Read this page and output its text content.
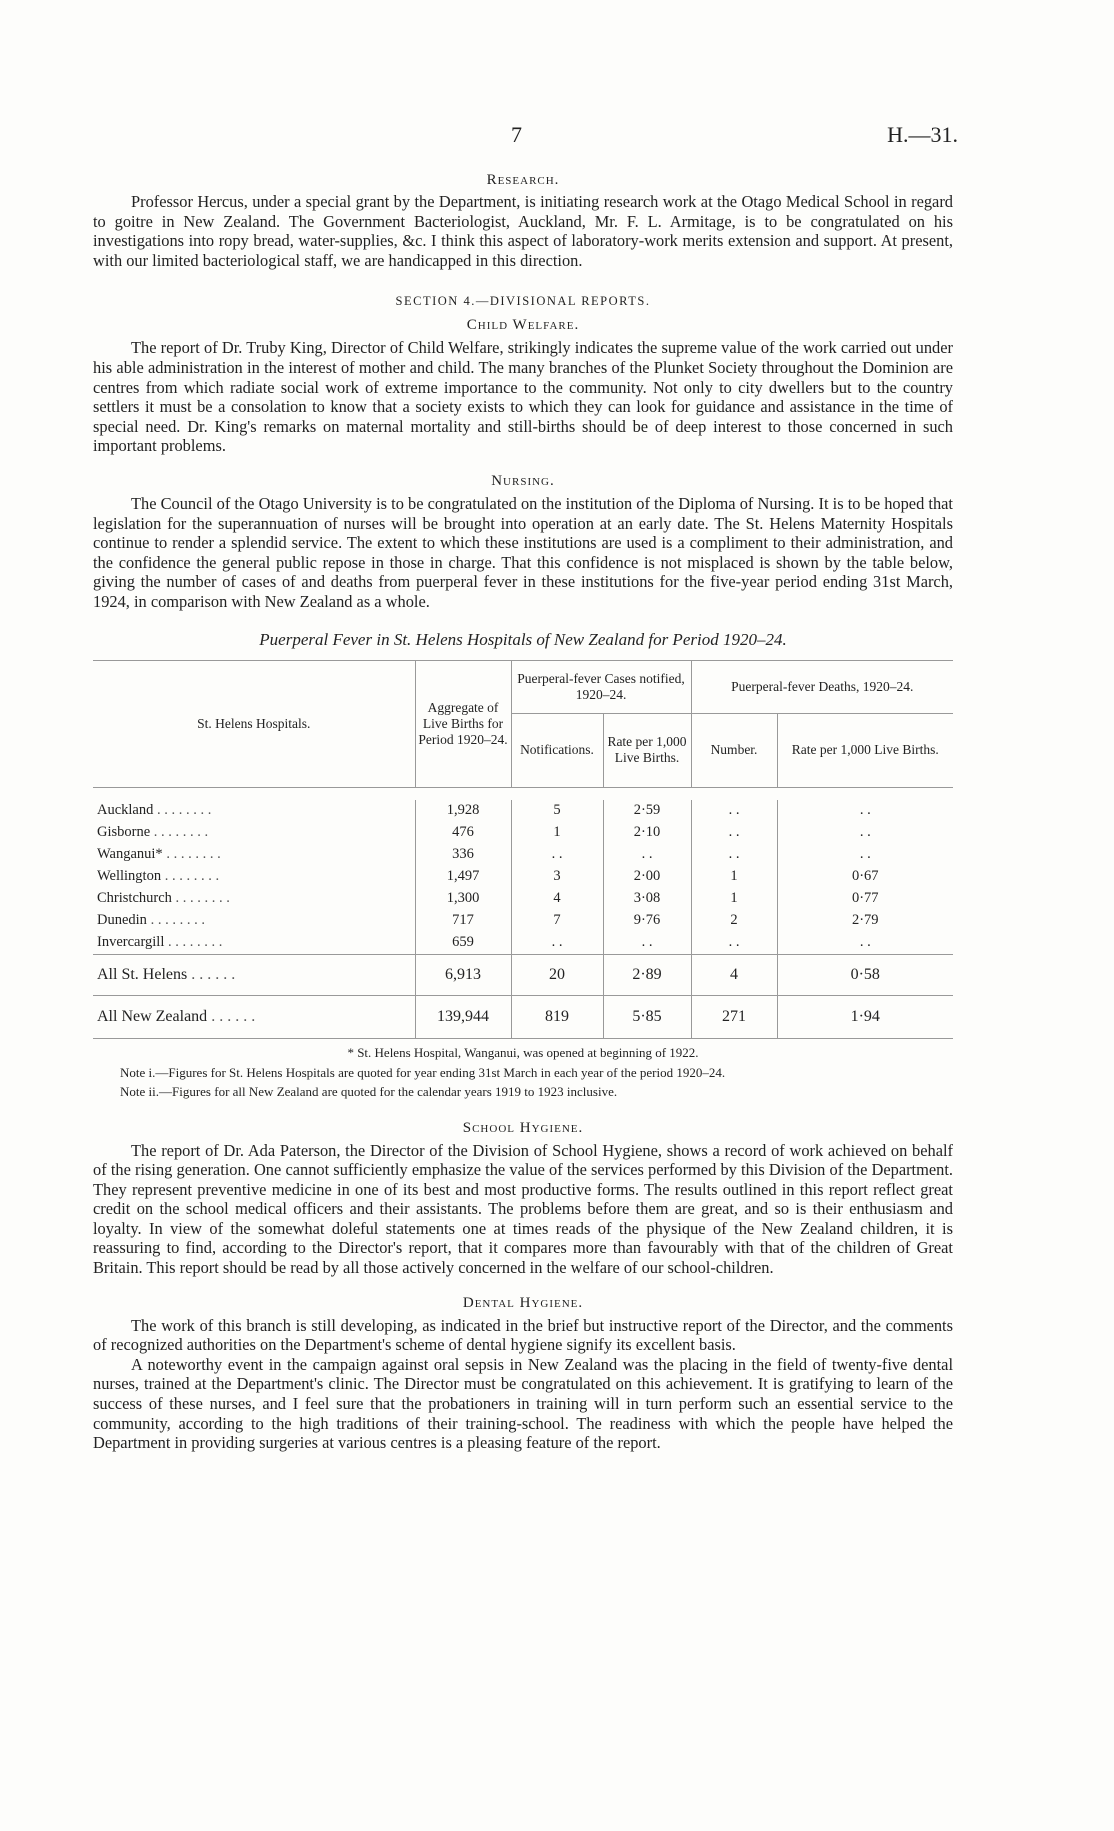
7	H.—31.
Research.

Professor Hercus, under a special grant by the Department, is initiating research work at the Otago Medical School in regard to goitre in New Zealand. The Government Bacteriologist, Auckland, Mr. F. L. Armitage, is to be congratulated on his investigations into ropy bread, water-supplies, &c. I think this aspect of laboratory-work merits extension and support. At present, with our limited bacteriological staff, we are handicapped in this direction.

SECTION 4.—DIVISIONAL REPORTS.
Child Welfare.

The report of Dr. Truby King, Director of Child Welfare, strikingly indicates the supreme value of the work carried out under his able administration in the interest of mother and child. The many branches of the Plunket Society throughout the Dominion are centres from which radiate social work of extreme importance to the community. Not only to city dwellers but to the country settlers it must be a consolation to know that a society exists to which they can look for guidance and assistance in the time of special need. Dr. King's remarks on maternal mortality and still-births should be of deep interest to those concerned in such important problems.

Nursing.

The Council of the Otago University is to be congratulated on the institution of the Diploma of Nursing. It is to be hoped that legislation for the superannuation of nurses will be brought into operation at an early date. The St. Helens Maternity Hospitals continue to render a splendid service. The extent to which these institutions are used is a compliment to their administration, and the confidence the general public repose in those in charge. That this confidence is not misplaced is shown by the table below, giving the number of cases of and deaths from puerperal fever in these institutions for the five-year period ending 31st March, 1924, in comparison with New Zealand as a whole.

Puerperal Fever in St. Helens Hospitals of New Zealand for Period 1920–24.
St. Helens Hospitals.	Aggregate of Live Births for Period 1920–24.	Puerperal-fever Cases notified, 1920–24.		Puerperal-fever Deaths, 1920–24.	
		Notifications.	Rate per 1,000 Live Births.	Number.	Rate per 1,000 Live Births.

Auckland . . . . . . . .	1,928	5	2·59	. .	. .
Gisborne . . . . . . . .	476	1	2·10	. .	. .
Wanganui* . . . . . . . .	336	. .	. .	. .	. .
Wellington . . . . . . . .	1,497	3	2·00	1	0·67
Christchurch . . . . . . . .	1,300	4	3·08	1	0·77
Dunedin . . . . . . . .	717	7	9·76	2	2·79
Invercargill . . . . . . . .	659	. .	. .	. .	. .
All St. Helens . . . . . .	6,913	20	2·89	4	0·58
All New Zealand . . . . . .	139,944	819	5·85	271	1·94
* St. Helens Hospital, Wanganui, was opened at beginning of 1922.

Note i.—Figures for St. Helens Hospitals are quoted for year ending 31st March in each year of the period 1920–24.

Note ii.—Figures for all New Zealand are quoted for the calendar years 1919 to 1923 inclusive.

School Hygiene.

The report of Dr. Ada Paterson, the Director of the Division of School Hygiene, shows a record of work achieved on behalf of the rising generation. One cannot sufficiently emphasize the value of the services performed by this Division of the Department. They represent preventive medicine in one of its best and most productive forms. The results outlined in this report reflect great credit on the school medical officers and their assistants. The problems before them are great, and so is their enthusiasm and loyalty. In view of the somewhat doleful statements one at times reads of the physique of the New Zealand children, it is reassuring to find, according to the Director's report, that it compares more than favourably with that of the children of Great Britain. This report should be read by all those actively concerned in the welfare of our school-children.

Dental Hygiene.

The work of this branch is still developing, as indicated in the brief but instructive report of the Director, and the comments of recognized authorities on the Department's scheme of dental hygiene signify its excellent basis.

A noteworthy event in the campaign against oral sepsis in New Zealand was the placing in the field of twenty-five dental nurses, trained at the Department's clinic. The Director must be congratulated on this achievement. It is gratifying to learn of the success of these nurses, and I feel sure that the probationers in training will in turn perform such an essential service to the community, according to the high traditions of their training-school. The readiness with which the people have helped the Department in providing surgeries at various centres is a pleasing feature of the report.
